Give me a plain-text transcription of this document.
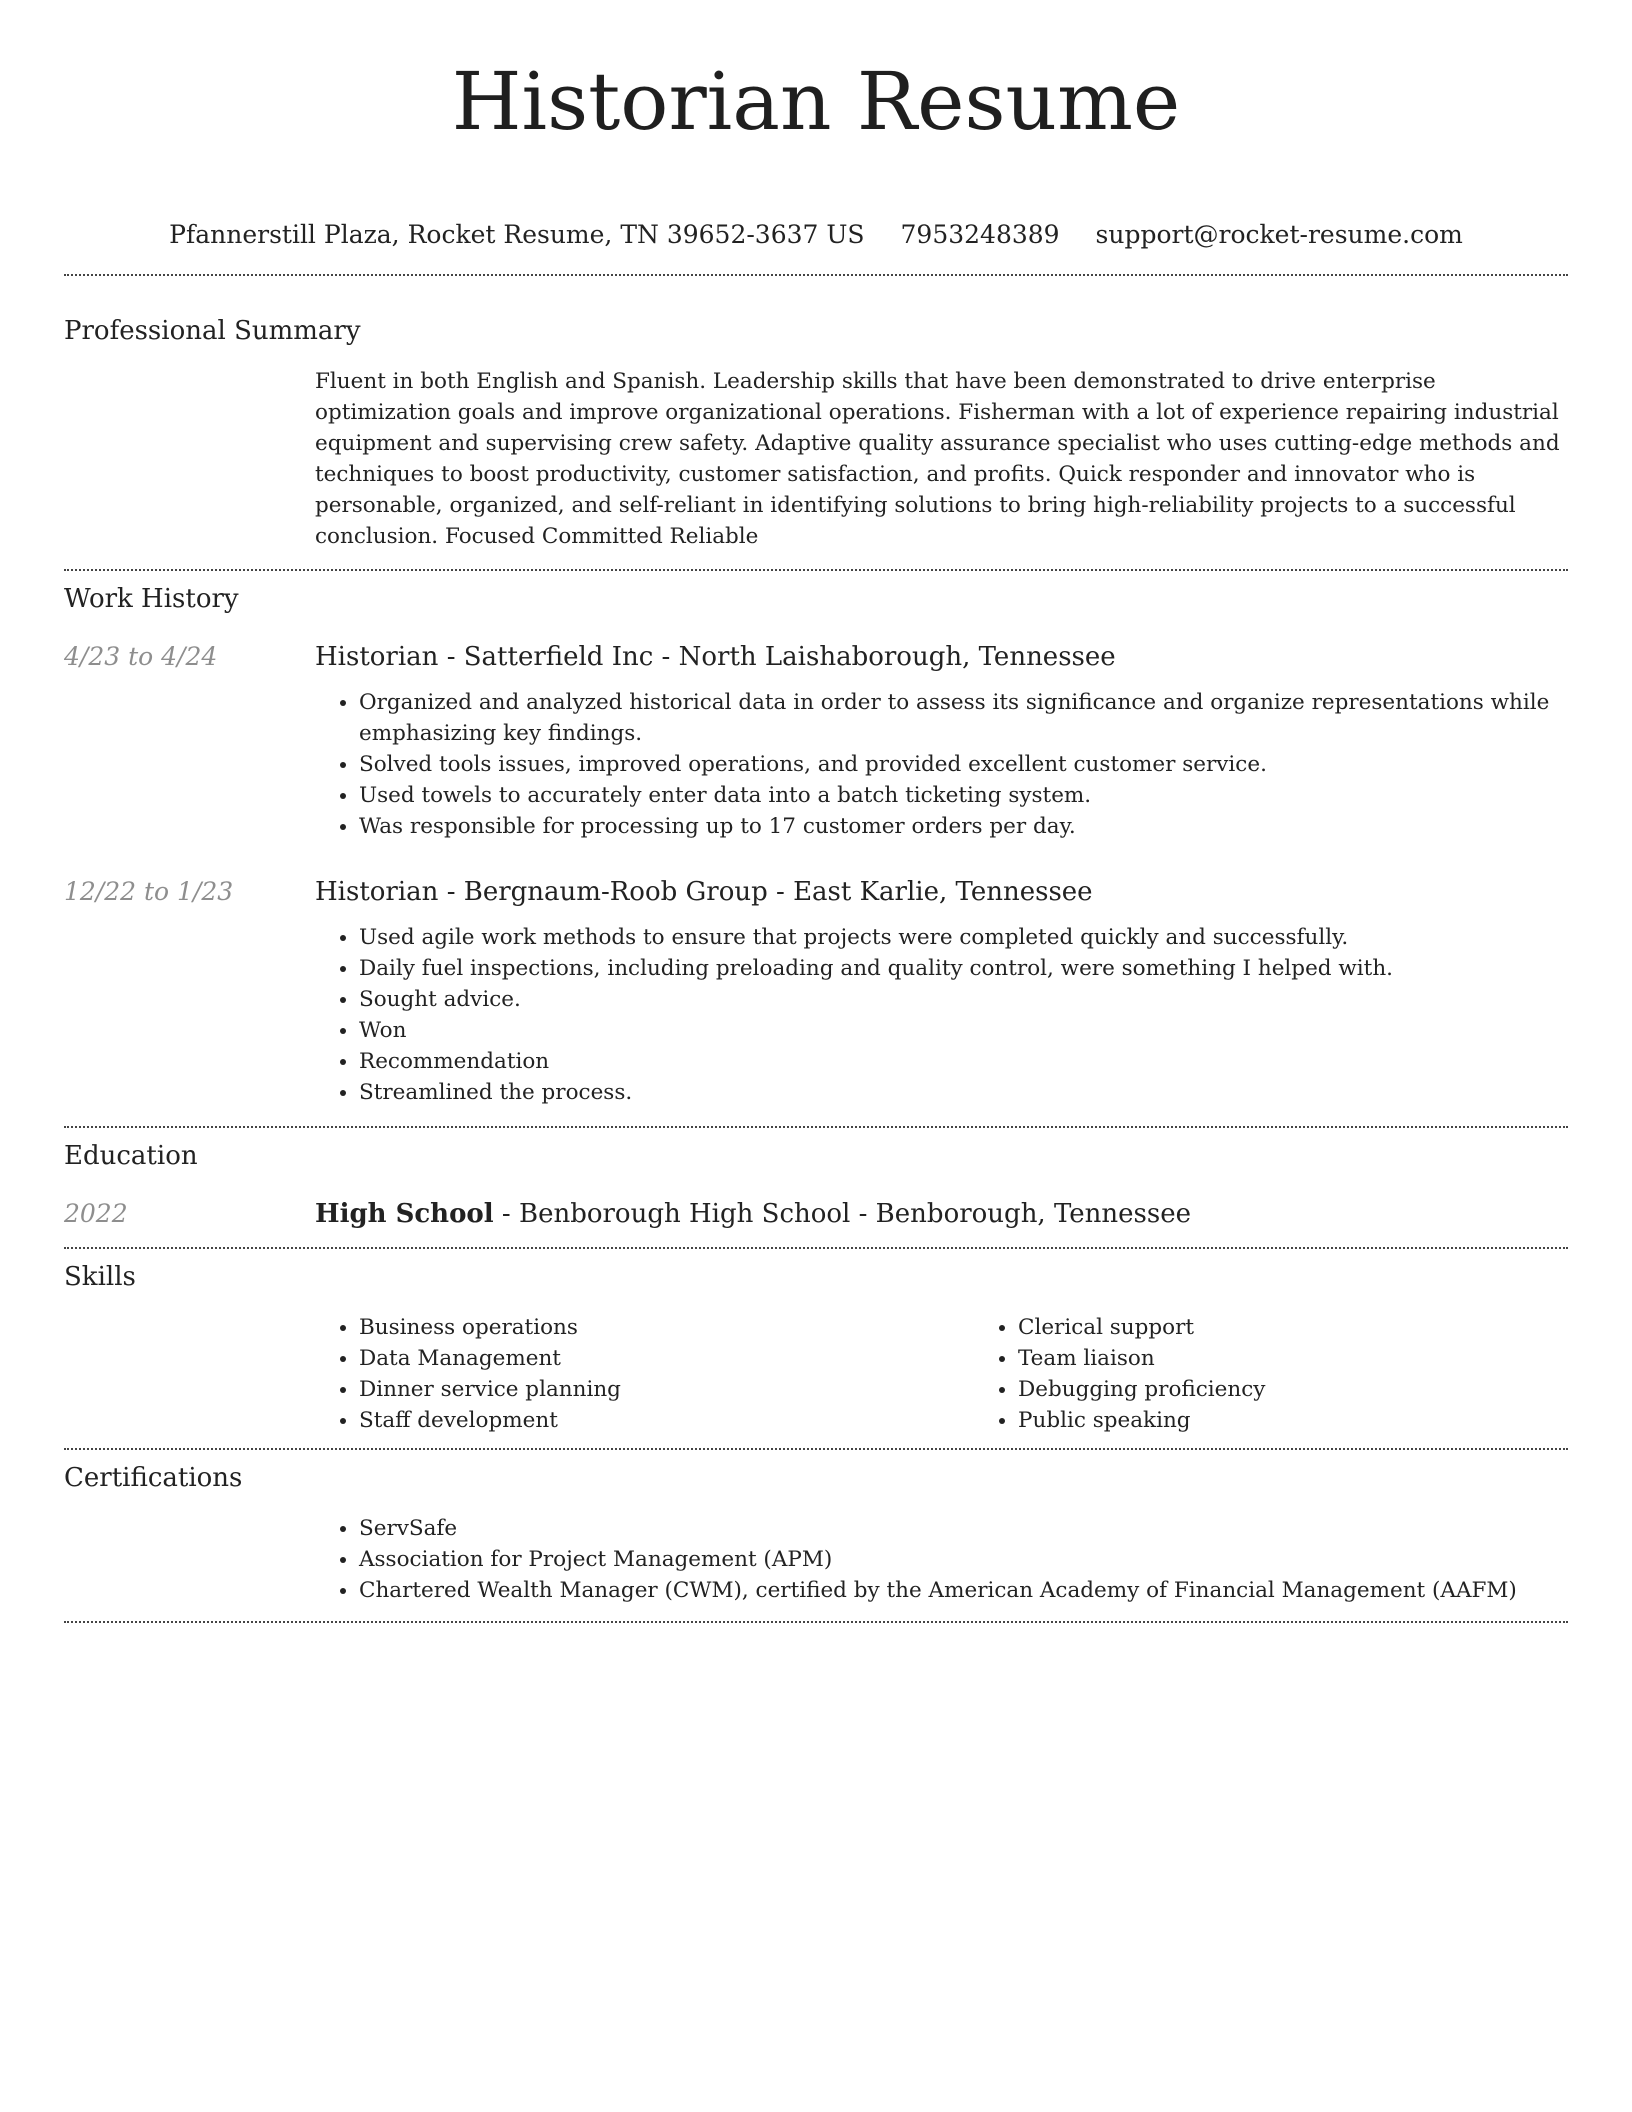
Historian Resume
Pfannerstill Plaza, Rocket Resume, TN 39652-3637 US 7953248389 support@rocket-resume.com
Professional Summary
Fluent in both English and Spanish. Leadership skills that have been demonstrated to drive enterprise optimization goals and improve organizational operations. Fisherman with a lot of experience repairing industrial equipment and supervising crew safety. Adaptive quality assurance specialist who uses cutting-edge methods and techniques to boost productivity, customer satisfaction, and profits. Quick responder and innovator who is personable, organized, and self-reliant in identifying solutions to bring high-reliability projects to a successful conclusion. Focused Committed Reliable
Work History
4/23 to 4/24	Historian - Satterfield Inc - North Laishaborough, Tennessee
• Organized and analyzed historical data in order to assess its significance and organize representations while emphasizing key findings.
• Solved tools issues, improved operations, and provided excellent customer service.
• Used towels to accurately enter data into a batch ticketing system.
• Was responsible for processing up to 17 customer orders per day.
12/22 to 1/23	Historian - Bergnaum-Roob Group - East Karlie, Tennessee
• Used agile work methods to ensure that projects were completed quickly and successfully.
• Daily fuel inspections, including preloading and quality control, were something I helped with.
• Sought advice.
• Won
• Recommendation
• Streamlined the process.
Education
2022	High School - Benborough High School - Benborough, Tennessee
Skills
• Business operations
• Data Management
• Dinner service planning
• Staff development
• Clerical support
• Team liaison
• Debugging proficiency
• Public speaking
Certifications
• ServSafe
• Association for Project Management (APM)
• Chartered Wealth Manager (CWM), certified by the American Academy of Financial Management (AAFM)
